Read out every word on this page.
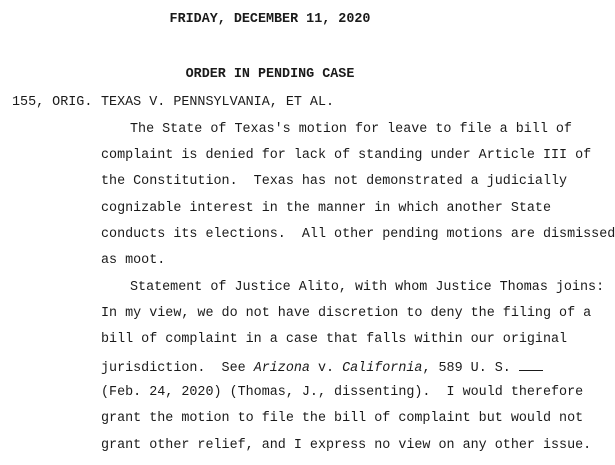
FRIDAY, DECEMBER 11, 2020
ORDER IN PENDING CASE
155, ORIG. TEXAS V. PENNSYLVANIA, ET AL.
The State of Texas's motion for leave to file a bill of
complaint is denied for lack of standing under Article III of
the Constitution.  Texas has not demonstrated a judicially
cognizable interest in the manner in which another State
conducts its elections.  All other pending motions are dismissed
as moot.
Statement of Justice Alito, with whom Justice Thomas joins:
In my view, we do not have discretion to deny the filing of a
bill of complaint in a case that falls within our original
jurisdiction.  See Arizona v. California, 589 U. S.
(Feb. 24, 2020) (Thomas, J., dissenting).  I would therefore
grant the motion to file the bill of complaint but would not
grant other relief, and I express no view on any other issue.
